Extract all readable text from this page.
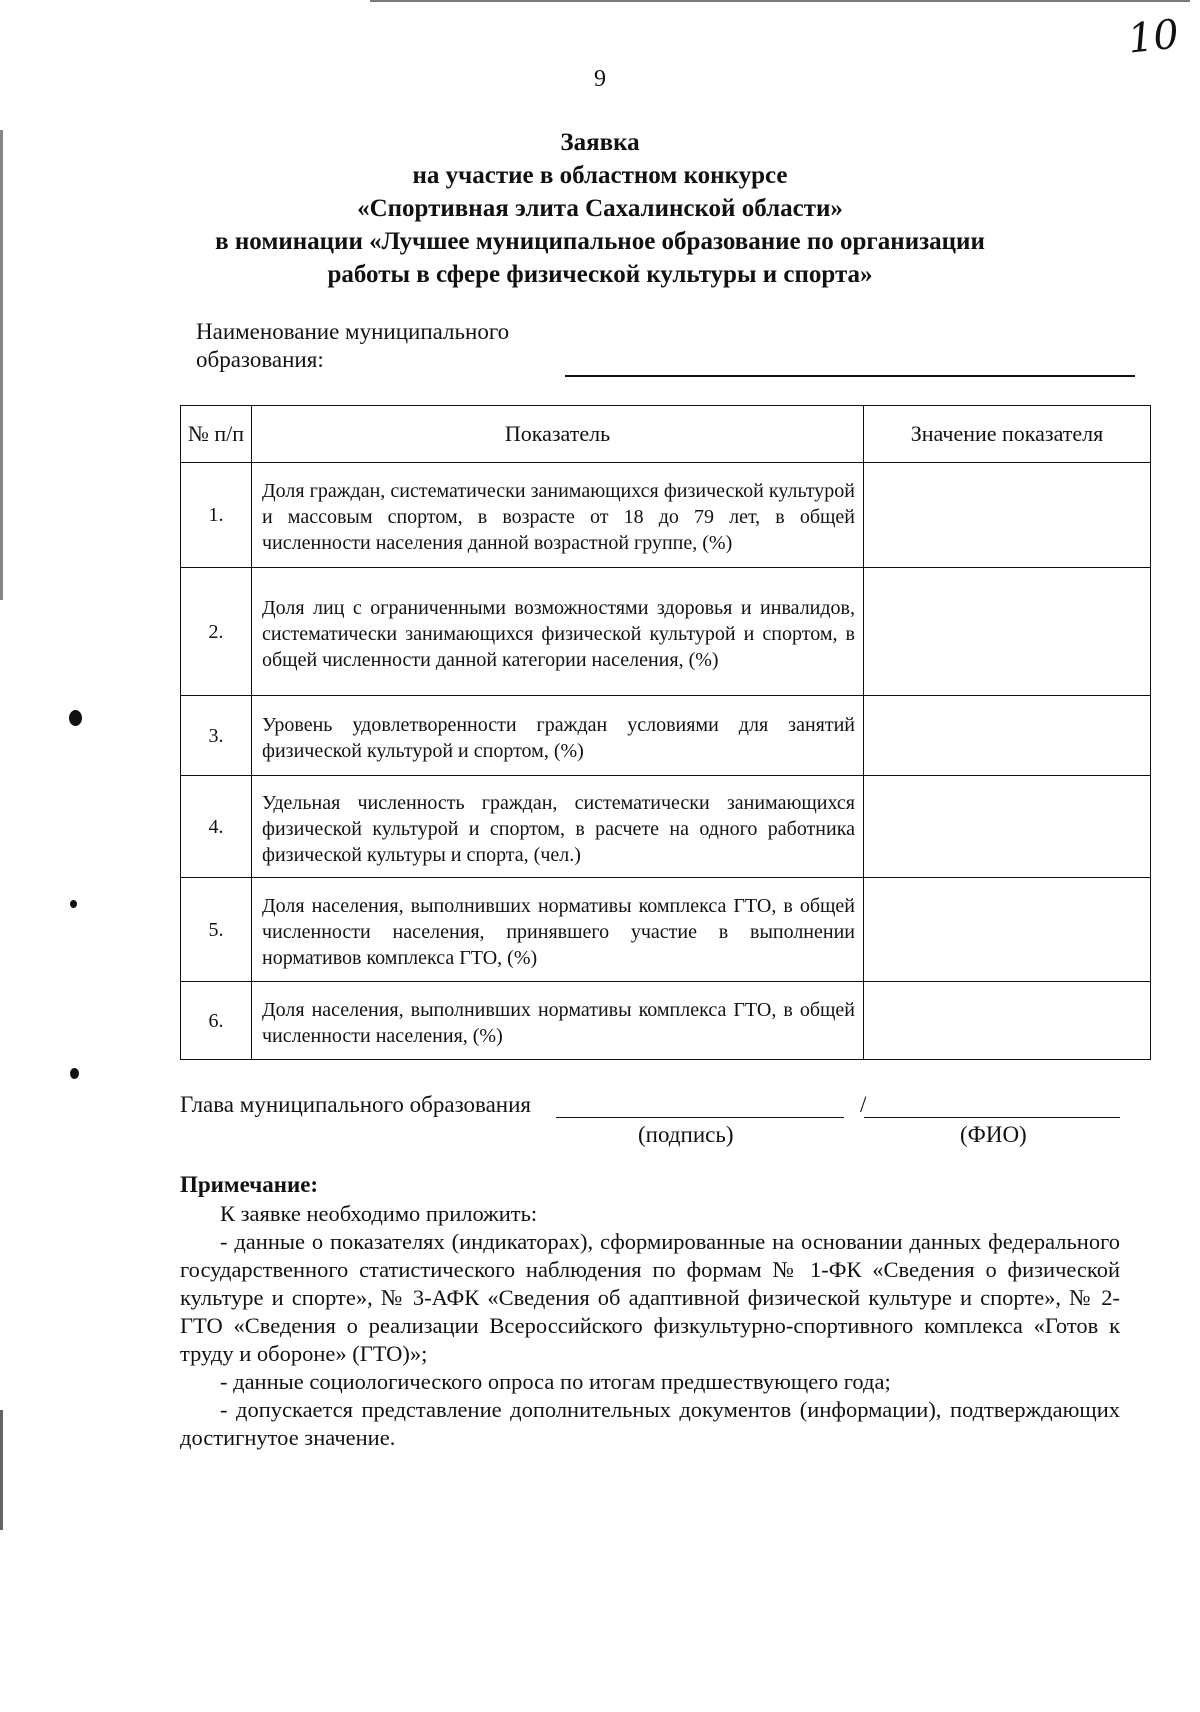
9
10
Заявка
на участие в областном конкурсе
«Спортивная элита Сахалинской области»
в номинации «Лучшее муниципальное образование по организации
работы в сфере физической культуры и спорта»
Наименование муниципального
образования:
№ п/п	Показатель	Значение показателя
1.	Доля граждан, систематически занимающихся физической культурой и массовым спортом, в возрасте от 18 до 79 лет, в общей численности населения данной возрастной группе, (%)	
2.	Доля лиц с ограниченными возможностями здоровья и инвалидов, систематически занимающихся физической культурой и спортом, в общей численности данной категории населения, (%)	
3.	Уровень удовлетворенности граждан условиями для занятий физической культурой и спортом, (%)	
4.	Удельная численность граждан, систематически занимающихся физической культурой и спортом, в расчете на одного работника физической культуры и спорта, (чел.)	
5.	Доля населения, выполнивших нормативы комплекса ГТО, в общей численности населения, принявшего участие в выполнении нормативов комплекса ГТО, (%)	
6.	Доля населения, выполнивших нормативы комплекса ГТО, в общей численности населения, (%)	
Глава муниципального образования	/
(подпись)	(ФИО)
Примечание:

К заявке необходимо приложить:

- данные о показателях (индикаторах), сформированные на основании данных федерального государственного статистического наблюдения по формам № 1-ФК «Сведения о физической культуре и спорте», № 3-АФК «Сведения об адаптивной физической культуре и спорте», № 2-ГТО «Сведения о реализации Всероссийского физкультурно-спортивного комплекса «Готов к труду и обороне» (ГТО)»;

- данные социологического опроса по итогам предшествующего года;

- допускается представление дополнительных документов (информации), подтверждающих достигнутое значение.
